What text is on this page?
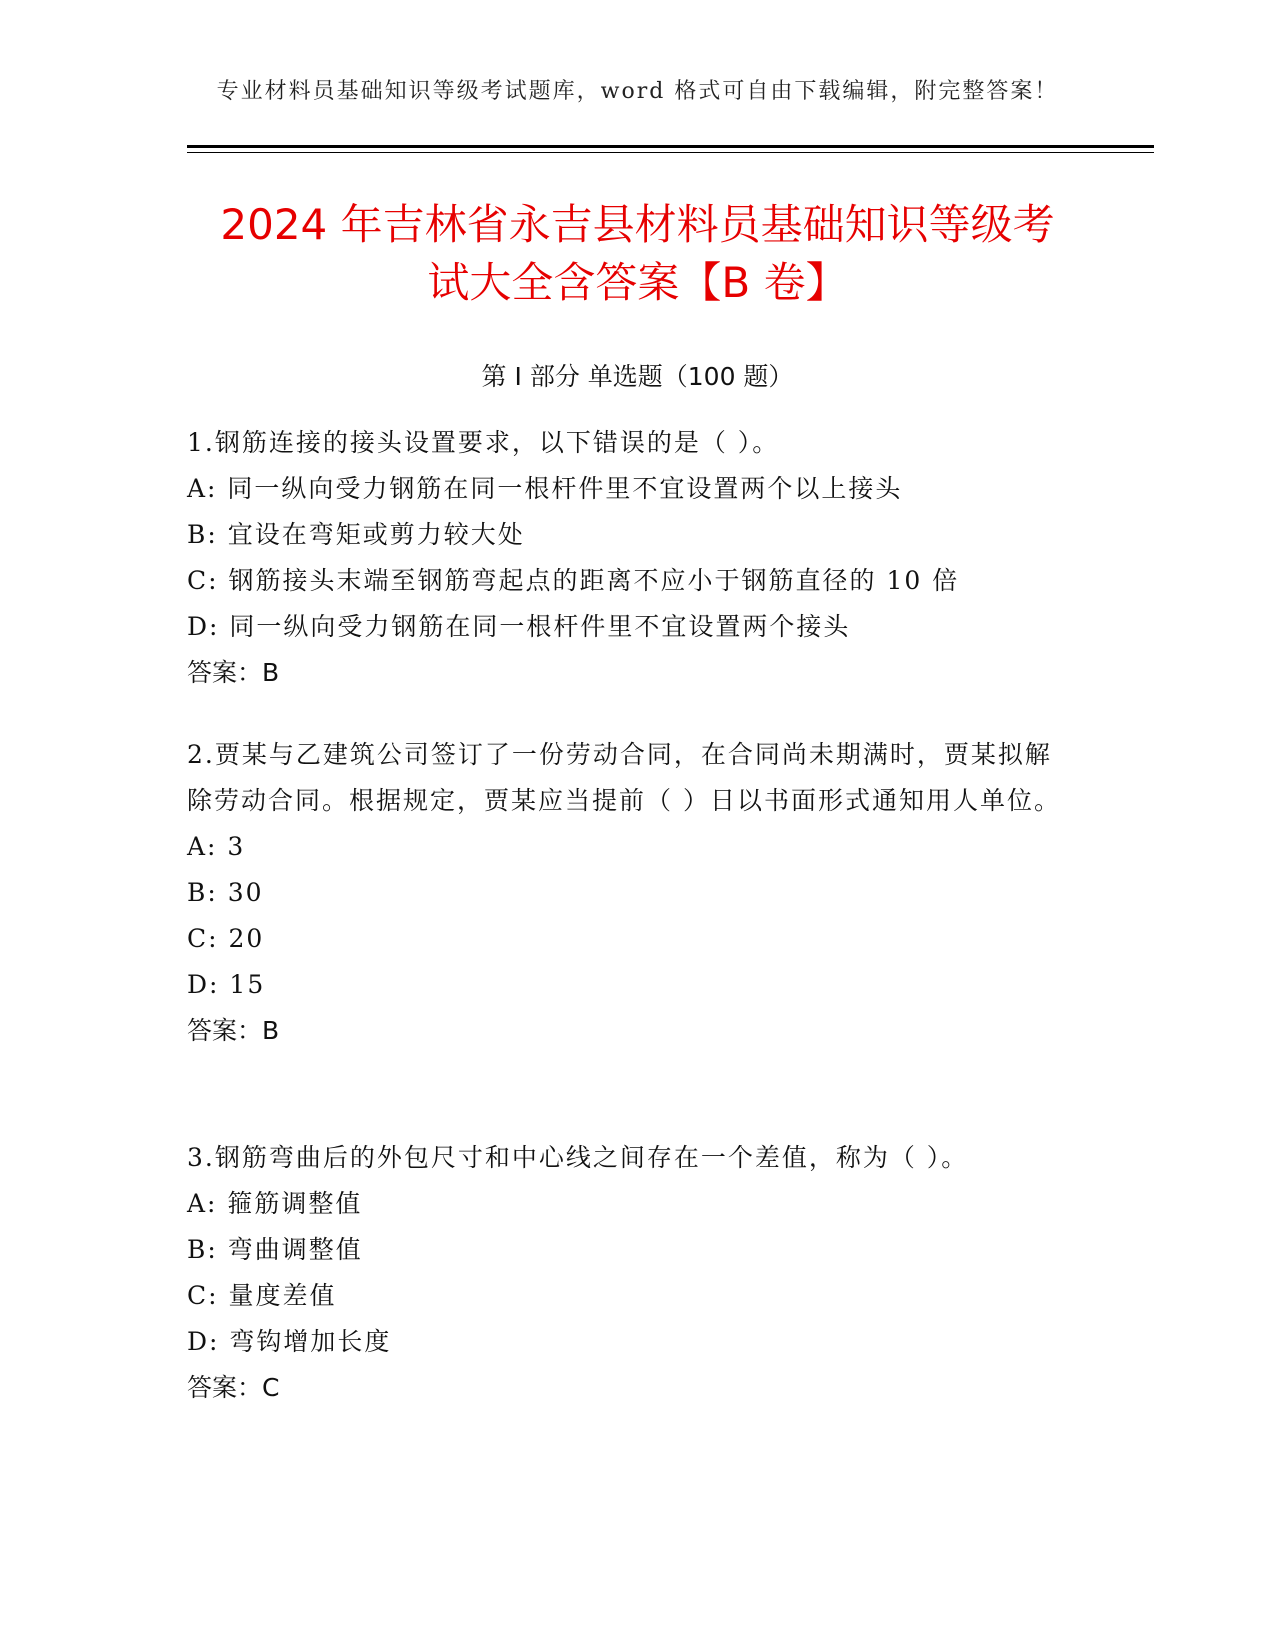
专业材料员基础知识等级考试题库，word 格式可自由下载编辑，附完整答案！
2024 年吉林省永吉县材料员基础知识等级考
试大全含答案【B 卷】
第 I 部分 单选题（100 题）
1.钢筋连接的接头设置要求，以下错误的是（ ）。
A: 同一纵向受力钢筋在同一根杆件里不宜设置两个以上接头
B: 宜设在弯矩或剪力较大处
C: 钢筋接头末端至钢筋弯起点的距离不应小于钢筋直径的 10 倍
D: 同一纵向受力钢筋在同一根杆件里不宜设置两个接头
答案：B
2.贾某与乙建筑公司签订了一份劳动合同，在合同尚未期满时，贾某拟解除劳动合同。根据规定，贾某应当提前（ ）日以书面形式通知用人单位。
A: 3
B: 30
C: 20
D: 15
答案：B
3.钢筋弯曲后的外包尺寸和中心线之间存在一个差值，称为（ ）。
A: 箍筋调整值
B: 弯曲调整值
C: 量度差值
D: 弯钩增加长度
答案：C
